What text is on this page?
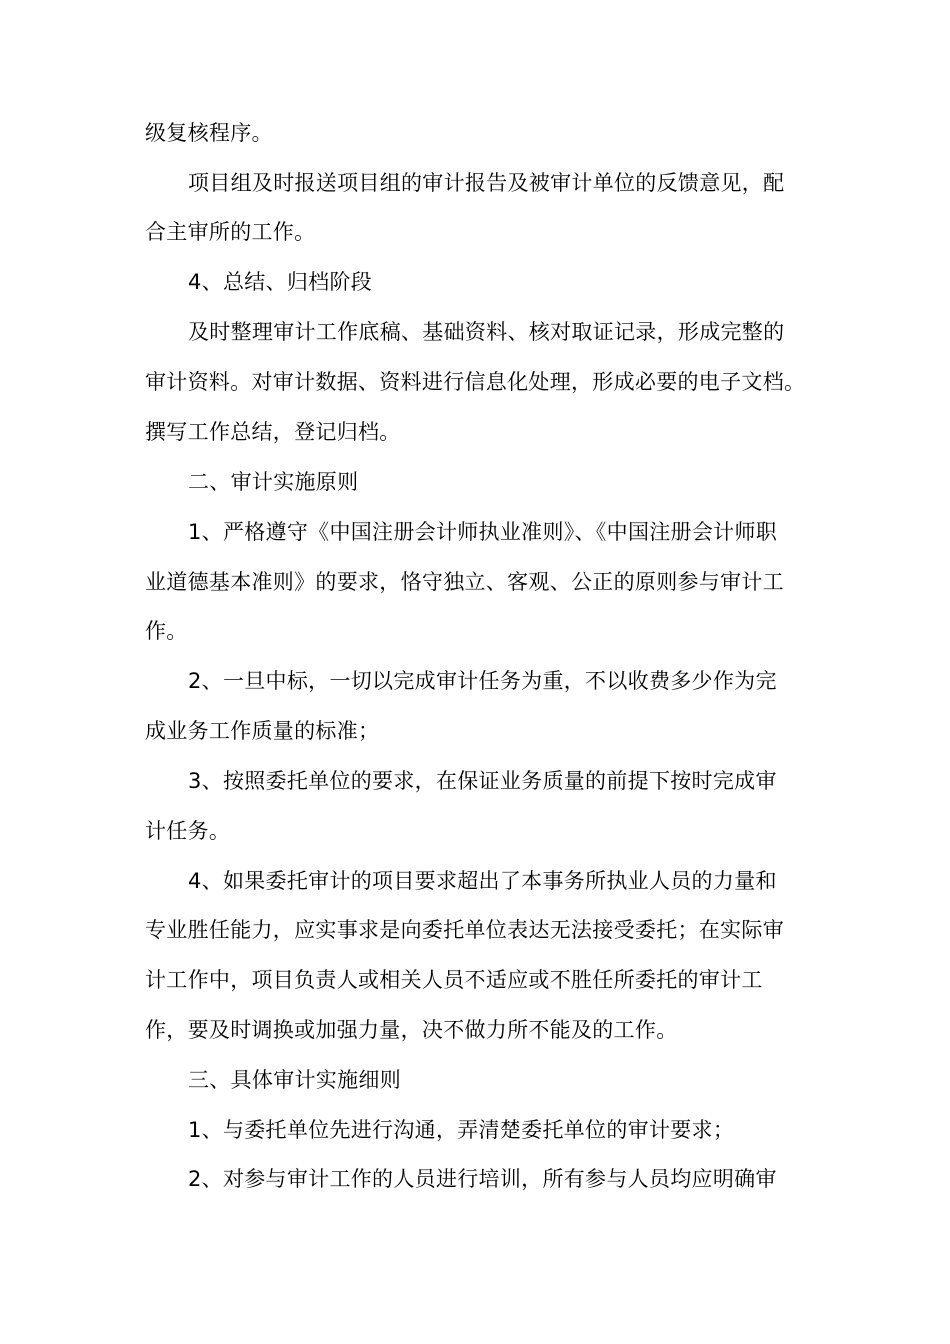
级复核程序。
项目组及时报送项目组的审计报告及被审计单位的反馈意见，配
合主审所的工作。
4、总结、归档阶段
及时整理审计工作底稿、基础资料、核对取证记录，形成完整的
审计资料。对审计数据、资料进行信息化处理，形成必要的电子文档。
撰写工作总结，登记归档。
二、审计实施原则
1、严格遵守《中国注册会计师执业准则》、《中国注册会计师职
业道德基本准则》的要求，恪守独立、客观、公正的原则参与审计工
作。
2、一旦中标，一切以完成审计任务为重，不以收费多少作为完
成业务工作质量的标准；
3、按照委托单位的要求，在保证业务质量的前提下按时完成审
计任务。
4、如果委托审计的项目要求超出了本事务所执业人员的力量和
专业胜任能力，应实事求是向委托单位表达无法接受委托；在实际审
计工作中，项目负责人或相关人员不适应或不胜任所委托的审计工
作，要及时调换或加强力量，决不做力所不能及的工作。
三、具体审计实施细则
1、与委托单位先进行沟通，弄清楚委托单位的审计要求；
2、对参与审计工作的人员进行培训，所有参与人员均应明确审
